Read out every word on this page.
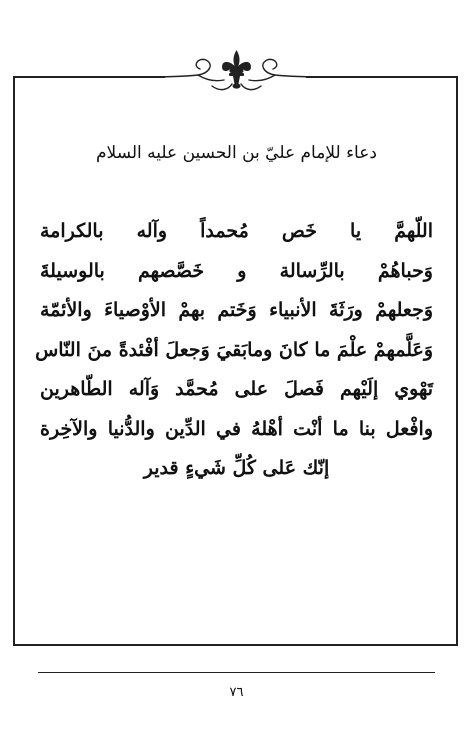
دعاء للإمام عليّ بن الحسين عليه السلام
اللّهمَّ يا خَص مُحمداً وآله بالكرامة
وَحباهُمْ بالرِّسالة و خَصَّصهم بالوسيلةَ
وَجعلهمْ ورَثَةَ الأنبياء وَخَتم بهمْ الأوْصياءَ والأئمّة
وَعَلَّمهمْ علْمَ ما كانَ ومابَقيَ وَجعلَ أفْئدةً منَ النّاس
تَهْوي إلَيْهم فَصلَ على مُحمَّد وَآله الطّاهرين
وافْعل بنا ما أنْت أهْلهُ في الدِّين والدُّنيا والآخِرة
إنّك عَلى كُلِّ شَيءٍ قدير
٧٦
